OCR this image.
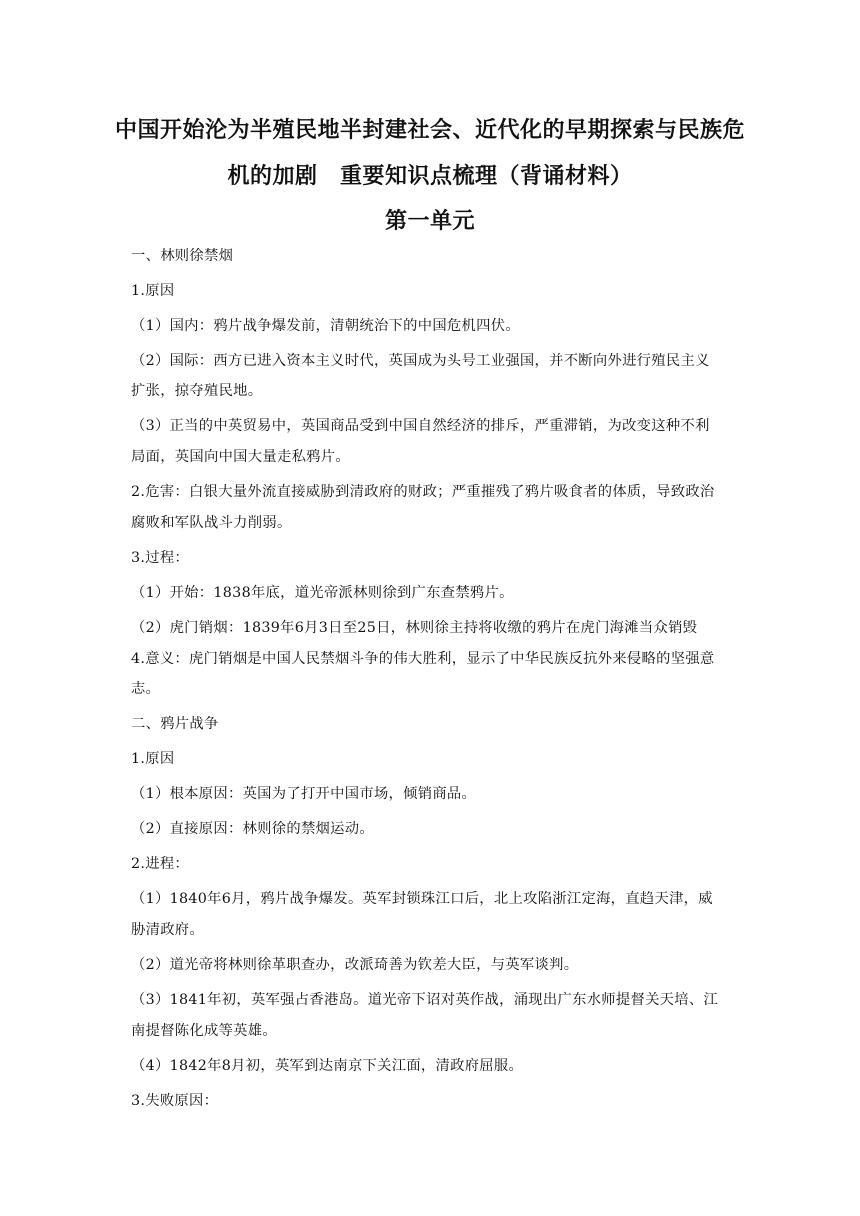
中国开始沦为半殖民地半封建社会、近代化的早期探索与民族危
机的加剧　重要知识点梳理（背诵材料）
第一单元
一、林则徐禁烟
1.原因
（1）国内：鸦片战争爆发前，清朝统治下的中国危机四伏。
（2）国际：西方已进入资本主义时代，英国成为头号工业强国，并不断向外进行殖民主义
扩张，掠夺殖民地。
（3）正当的中英贸易中，英国商品受到中国自然经济的排斥，严重滞销，为改变这种不利
局面，英国向中国大量走私鸦片。
2.危害：白银大量外流直接威胁到清政府的财政；严重摧残了鸦片吸食者的体质，导致政治
腐败和军队战斗力削弱。
3.过程：
（1）开始：1838年底，道光帝派林则徐到广东查禁鸦片。
（2）虎门销烟：1839年6月3日至25日，林则徐主持将收缴的鸦片在虎门海滩当众销毁
4.意义：虎门销烟是中国人民禁烟斗争的伟大胜利，显示了中华民族反抗外来侵略的坚强意
志。
二、鸦片战争
1.原因
（1）根本原因：英国为了打开中国市场，倾销商品。
（2）直接原因：林则徐的禁烟运动。
2.进程：
（1）1840年6月，鸦片战争爆发。英军封锁珠江口后，北上攻陷浙江定海，直趋天津，威
胁清政府。
（2）道光帝将林则徐革职查办，改派琦善为钦差大臣，与英军谈判。
（3）1841年初，英军强占香港岛。道光帝下诏对英作战，涌现出广东水师提督关天培、江
南提督陈化成等英雄。
（4）1842年8月初，英军到达南京下关江面，清政府屈服。
3.失败原因：
